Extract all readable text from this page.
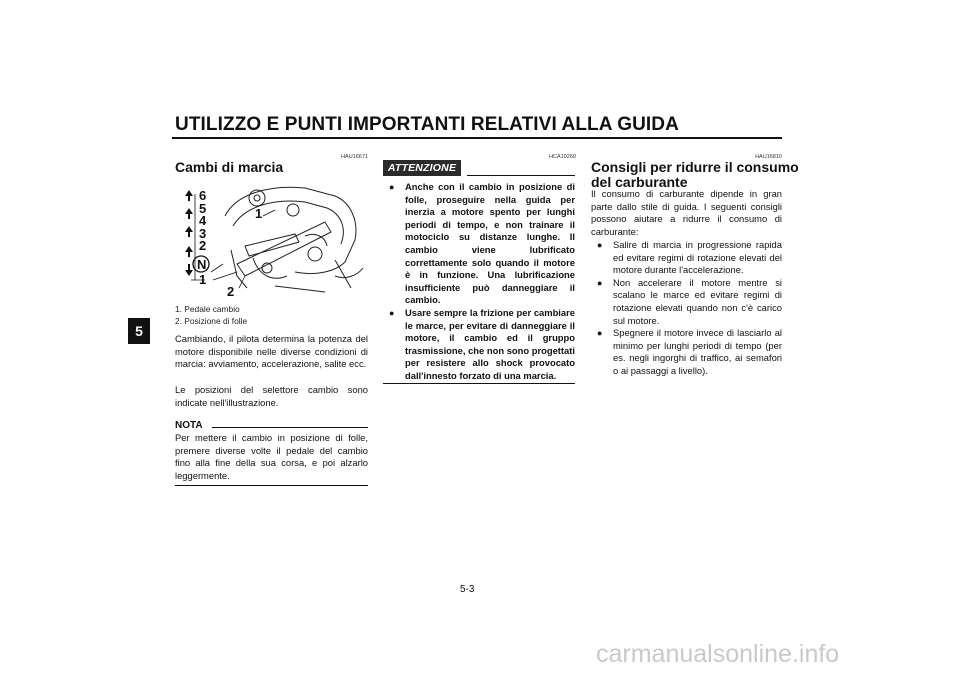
UTILIZZO E PUNTI IMPORTANTI RELATIVI ALLA GUIDA
5
HAU16671
Cambi di marcia
6
5
4
3
2
N
1
1
2
1. Pedale cambio
2. Posizione di folle
Cambiando, il pilota determina la potenza del motore disponibile nelle diverse condizioni di marcia: avviamento, accelerazione, salite ecc.
Le posizioni del selettore cambio sono indicate nell'illustrazione.
NOTA
Per mettere il cambio in posizione di folle, premere diverse volte il pedale del cambio fino alla fine della sua corsa, e poi alzarlo leggermente.
HCA10260
ATTENZIONE
● Anche con il cambio in posizione di folle, proseguire nella guida per inerzia a motore spento per lunghi periodi di tempo, e non trainare il motociclo su distanze lunghe. Il cambio viene lubrificato correttamente solo quando il motore è in funzione. Una lubrificazione insufficiente può danneggiare il cambio.
● Usare sempre la frizione per cambiare le marce, per evitare di danneggiare il motore, il cambio ed il gruppo trasmissione, che non sono progettati per resistere allo shock provocato dall'innesto forzato di una marcia.
HAU16810
Consigli per ridurre il consumo
del carburante
Il consumo di carburante dipende in gran parte dallo stile di guida. I seguenti consigli possono aiutare a ridurre il consumo di carburante:
● Salire di marcia in progressione rapida ed evitare regimi di rotazione elevati del motore durante l'accelerazione.
● Non accelerare il motore mentre si scalano le marce ed evitare regimi di rotazione elevati quando non c'è carico sul motore.
● Spegnere il motore invece di lasciarlo al minimo per lunghi periodi di tempo (per es. negli ingorghi di traffico, ai semafori o ai passaggi a livello).
5-3
carmanualsonline.info
